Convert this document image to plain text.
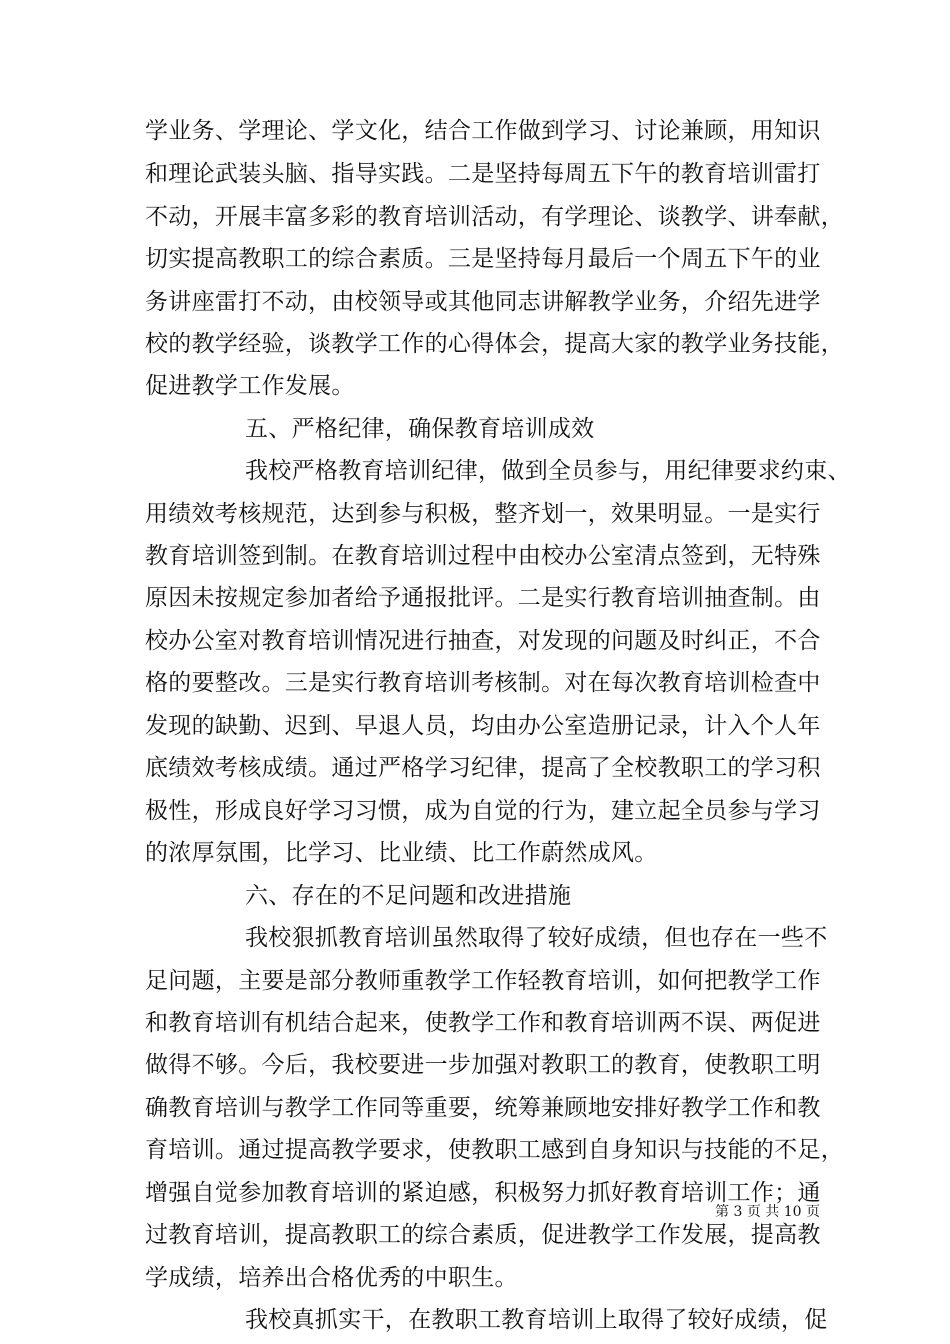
学业务、学理论、学文化，结合工作做到学习、讨论兼顾，用知识
和理论武装头脑、指导实践。二是坚持每周五下午的教育培训雷打
不动，开展丰富多彩的教育培训活动，有学理论、谈教学、讲奉献，
切实提高教职工的综合素质。三是坚持每月最后一个周五下午的业
务讲座雷打不动，由校领导或其他同志讲解教学业务，介绍先进学
校的教学经验，谈教学工作的心得体会，提高大家的教学业务技能，
促进教学工作发展。
五、严格纪律，确保教育培训成效
我校严格教育培训纪律，做到全员参与，用纪律要求约束、
用绩效考核规范，达到参与积极，整齐划一，效果明显。一是实行
教育培训签到制。在教育培训过程中由校办公室清点签到，无特殊
原因未按规定参加者给予通报批评。二是实行教育培训抽查制。由
校办公室对教育培训情况进行抽查，对发现的问题及时纠正，不合
格的要整改。三是实行教育培训考核制。对在每次教育培训检查中
发现的缺勤、迟到、早退人员，均由办公室造册记录，计入个人年
底绩效考核成绩。通过严格学习纪律，提高了全校教职工的学习积
极性，形成良好学习习惯，成为自觉的行为，建立起全员参与学习
的浓厚氛围，比学习、比业绩、比工作蔚然成风。
六、存在的不足问题和改进措施
我校狠抓教育培训虽然取得了较好成绩，但也存在一些不
足问题，主要是部分教师重教学工作轻教育培训，如何把教学工作
和教育培训有机结合起来，使教学工作和教育培训两不误、两促进
做得不够。今后，我校要进一步加强对教职工的教育，使教职工明
确教育培训与教学工作同等重要，统筹兼顾地安排好教学工作和教
育培训。通过提高教学要求，使教职工感到自身知识与技能的不足，
增强自觉参加教育培训的紧迫感，积极努力抓好教育培训工作；通
过教育培训，提高教职工的综合素质，促进教学工作发展，提高教
学成绩，培养出合格优秀的中职生。
我校真抓实干，在教职工教育培训上取得了较好成绩，促
第 3 页 共 10 页
